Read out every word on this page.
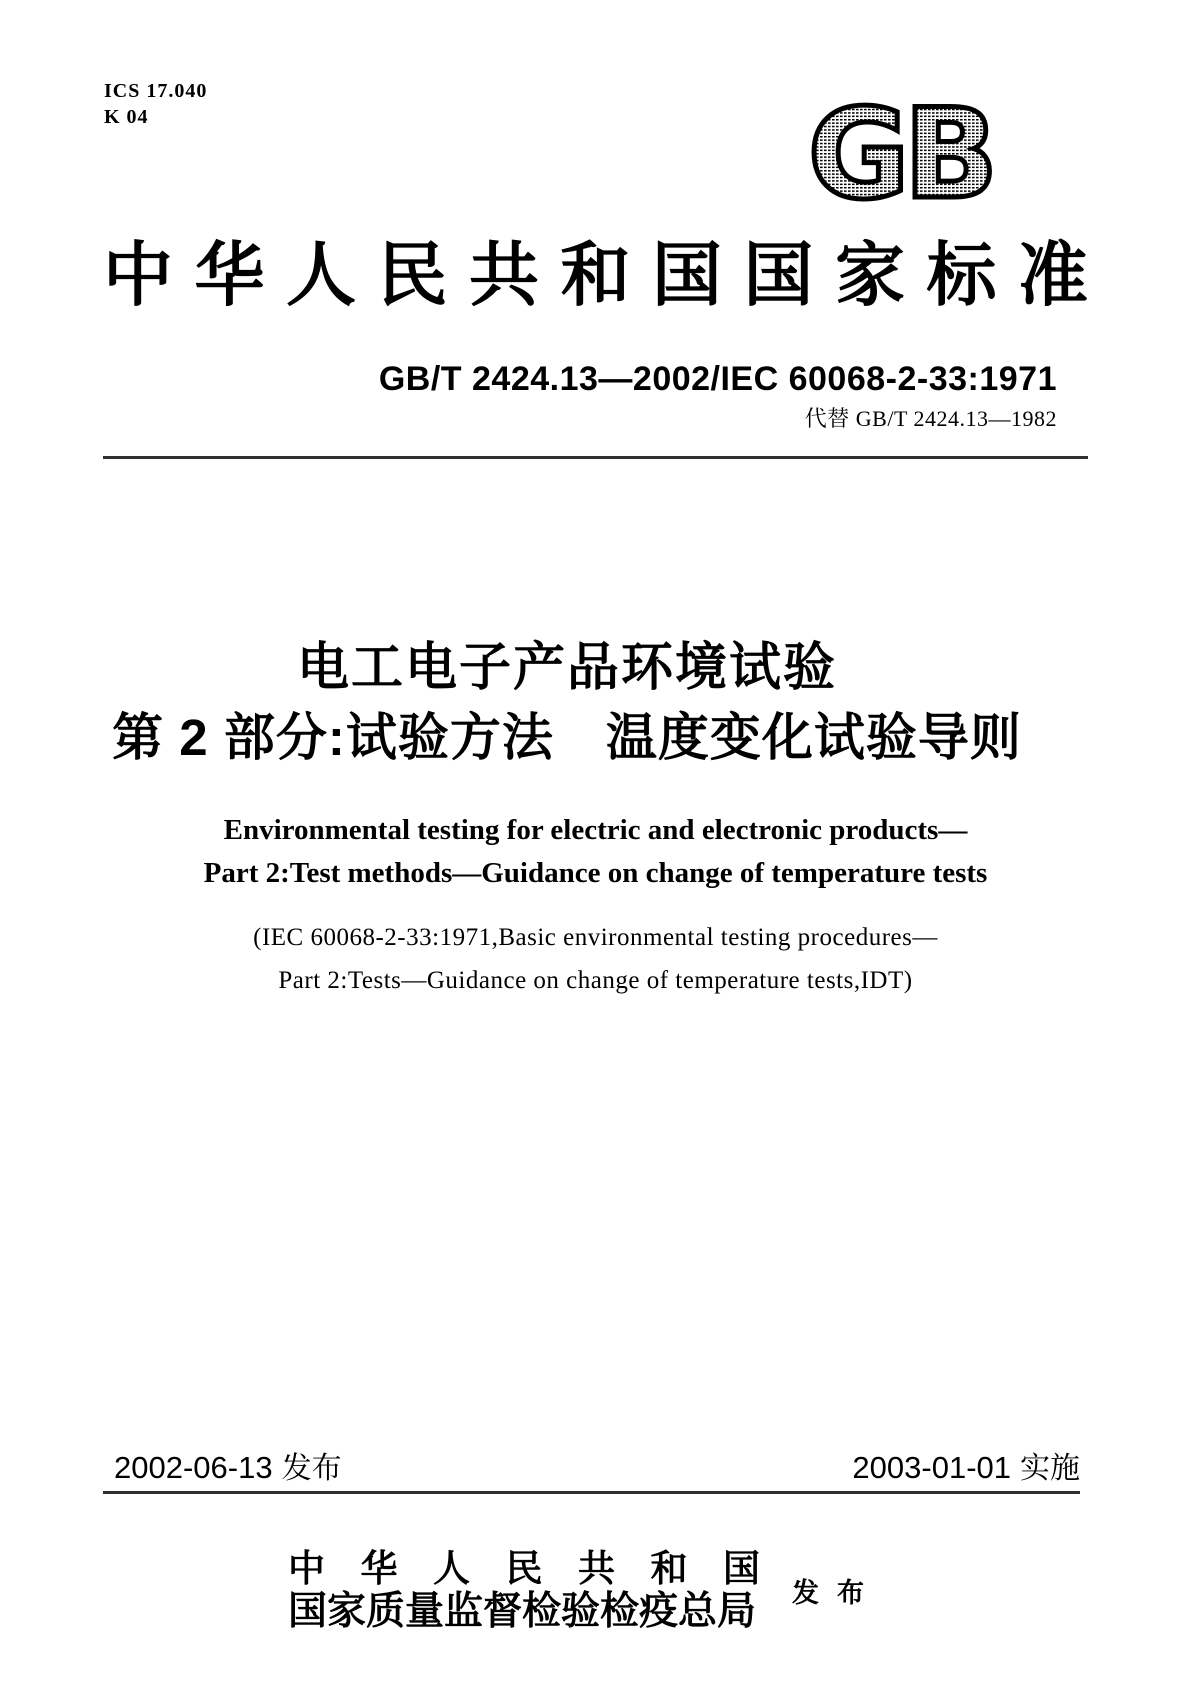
ICS 17.040
K 04	GB
中 华 人 民 共 和 国 国 家 标 准
GB/T 2424.13—2002/IEC 60068-2-33:1971
代替 GB/T 2424.13—1982
电工电子产品环境试验
第 2 部分:试验方法　温度变化试验导则
Environmental testing for electric and electronic products—
Part 2:Test methods—Guidance on change of temperature tests
(IEC 60068-2-33:1971,Basic environmental testing procedures—
Part 2:Tests—Guidance on change of temperature tests,IDT)
2002-06-13 发布	2003-01-01 实施
中 华 人 民 共 和 国
国家质量监督检验检疫总局 发布
